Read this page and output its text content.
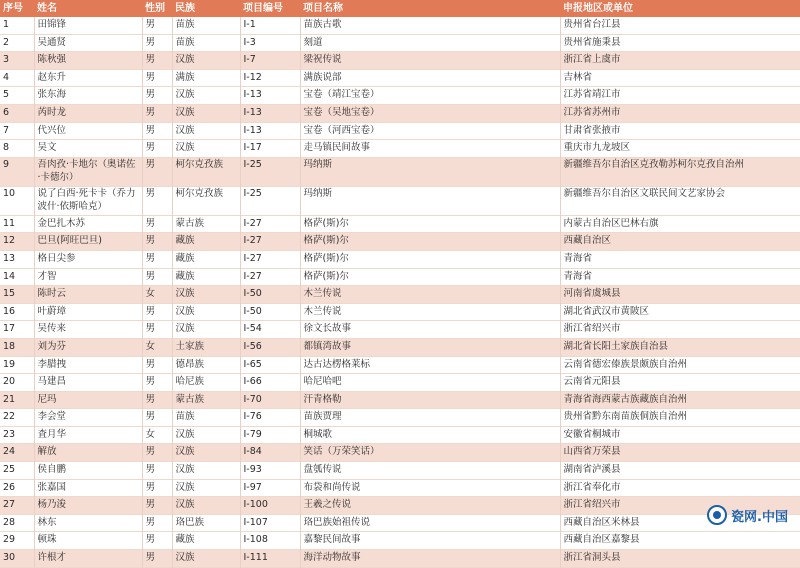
序号	姓名	性别	民族	项目编号	项目名称	申报地区或单位
1	田锦锋	男	苗族	Ⅰ-1	苗族古歌	贵州省台江县
2	吴通贤	男	苗族	Ⅰ-3	刻道	贵州省施秉县
3	陈秋强	男	汉族	Ⅰ-7	梁祝传说	浙江省上虞市
4	赵东升	男	满族	Ⅰ-12	满族说部	吉林省
5	张东海	男	汉族	Ⅰ-13	宝卷（靖江宝卷）	江苏省靖江市
6	芮时龙	男	汉族	Ⅰ-13	宝卷（吴地宝卷）	江苏省苏州市
7	代兴位	男	汉族	Ⅰ-13	宝卷（河西宝卷）	甘肃省张掖市
8	吴文	男	汉族	Ⅰ-17	走马镇民间故事	重庆市九龙坡区
9	吾肉孜·卡地尔（奥诺佐·卡德尔）	男	柯尔克孜族	Ⅰ-25	玛纳斯	新疆维吾尔自治区克孜勒苏柯尔克孜自治州
10	说了白西·死卡卡（乔力波什·依斯哈克）	男	柯尔克孜族	Ⅰ-25	玛纳斯	新疆维吾尔自治区文联民间文艺家协会
11	金巴扎木苏	男	蒙古族	Ⅰ-27	格萨(斯)尔	内蒙古自治区巴林右旗
12	巴旦(阿旺巴旦)	男	藏族	Ⅰ-27	格萨(斯)尔	西藏自治区
13	格日尖参	男	藏族	Ⅰ-27	格萨(斯)尔	青海省
14	才智	男	藏族	Ⅰ-27	格萨(斯)尔	青海省
15	陈时云	女	汉族	Ⅰ-50	木兰传说	河南省虞城县
16	叶蔚璋	男	汉族	Ⅰ-50	木兰传说	湖北省武汉市黄陂区
17	吴传来	男	汉族	Ⅰ-54	徐文长故事	浙江省绍兴市
18	刘为芬	女	土家族	Ⅰ-56	都镇湾故事	湖北省长阳土家族自治县
19	李腊拽	男	德昂族	Ⅰ-65	达古达楞格莱标	云南省德宏傣族景颇族自治州
20	马建昌	男	哈尼族	Ⅰ-66	哈尼哈吧	云南省元阳县
21	尼玛	男	蒙古族	Ⅰ-70	汗青格勒	青海省海西蒙古族藏族自治州
22	李会堂	男	苗族	Ⅰ-76	苗族贾理	贵州省黔东南苗族侗族自治州
23	査月华	女	汉族	Ⅰ-79	桐城歌	安徽省桐城市
24	解放	男	汉族	Ⅰ-84	笑话（万荣笑话）	山西省万荣县
25	侯自鹏	男	汉族	Ⅰ-93	盘瓠传说	湖南省泸溪县
26	张嘉国	男	汉族	Ⅰ-97	布袋和尚传说	浙江省奉化市
27	杨乃浚	男	汉族	Ⅰ-100	王羲之传说	浙江省绍兴市
28	林东	男	珞巴族	Ⅰ-107	珞巴族始祖传说	西藏自治区米林县
29	顿珠	男	藏族	Ⅰ-108	嘉黎民间故事	西藏自治区嘉黎县
30	许根才	男	汉族	Ⅰ-111	海洋动物故事	浙江省洞头县
瓷网.中国
